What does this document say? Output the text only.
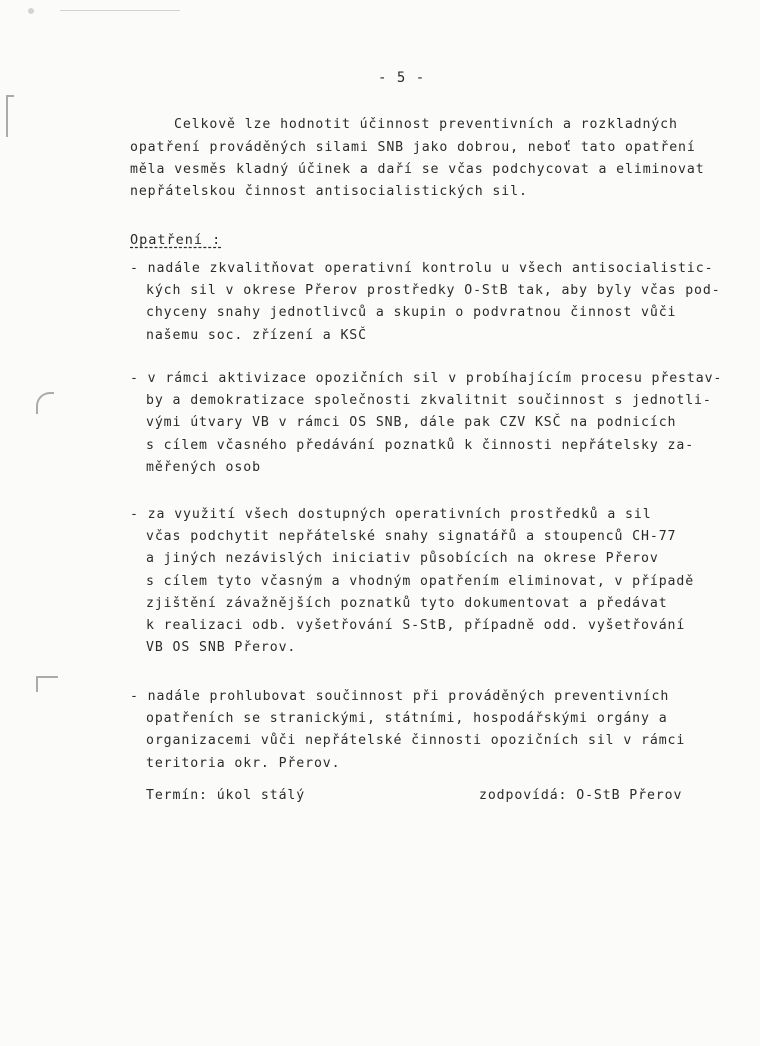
- 5 -
Celkově lze hodnotit účinnost preventivních a rozkladných
opatření prováděných silami SNB jako dobrou, neboť tato opatření
měla vesměs kladný účinek a daří se včas podchycovat a eliminovat
nepřátelskou činnost antisocialistických sil.
Opatření :
- nadále zkvalitňovat operativní kontrolu u všech antisocialistic-
kých sil v okrese Přerov prostředky O-StB tak, aby byly včas pod-
chyceny snahy jednotlivců a skupin o podvratnou činnost vůči
našemu soc. zřízení a KSČ
- v rámci aktivizace opozičních sil v probíhajícím procesu přestav-
by a demokratizace společnosti zkvalitnit součinnost s jednotli-
vými útvary VB v rámci OS SNB, dále pak CZV KSČ na podnicích
s cílem včasného předávání poznatků k činnosti nepřátelsky za-
měřených osob
- za využití všech dostupných operativních prostředků a sil
včas podchytit nepřátelské snahy signatářů a stoupenců CH-77
a jiných nezávislých iniciativ působících na okrese Přerov
s cílem tyto včasným a vhodným opatřením eliminovat, v případě
zjištění závažnějších poznatků tyto dokumentovat a předávat
k realizaci odb. vyšetřování S-StB, případně odd. vyšetřování
VB OS SNB Přerov.
- nadále prohlubovat součinnost při prováděných preventivních
opatřeních se stranickými, státními, hospodářskými orgány a
organizacemi vůči nepřátelské činnosti opozičních sil v rámci
teritoria okr. Přerov.
Termín: úkol stálý	zodpovídá: O-StB Přerov
